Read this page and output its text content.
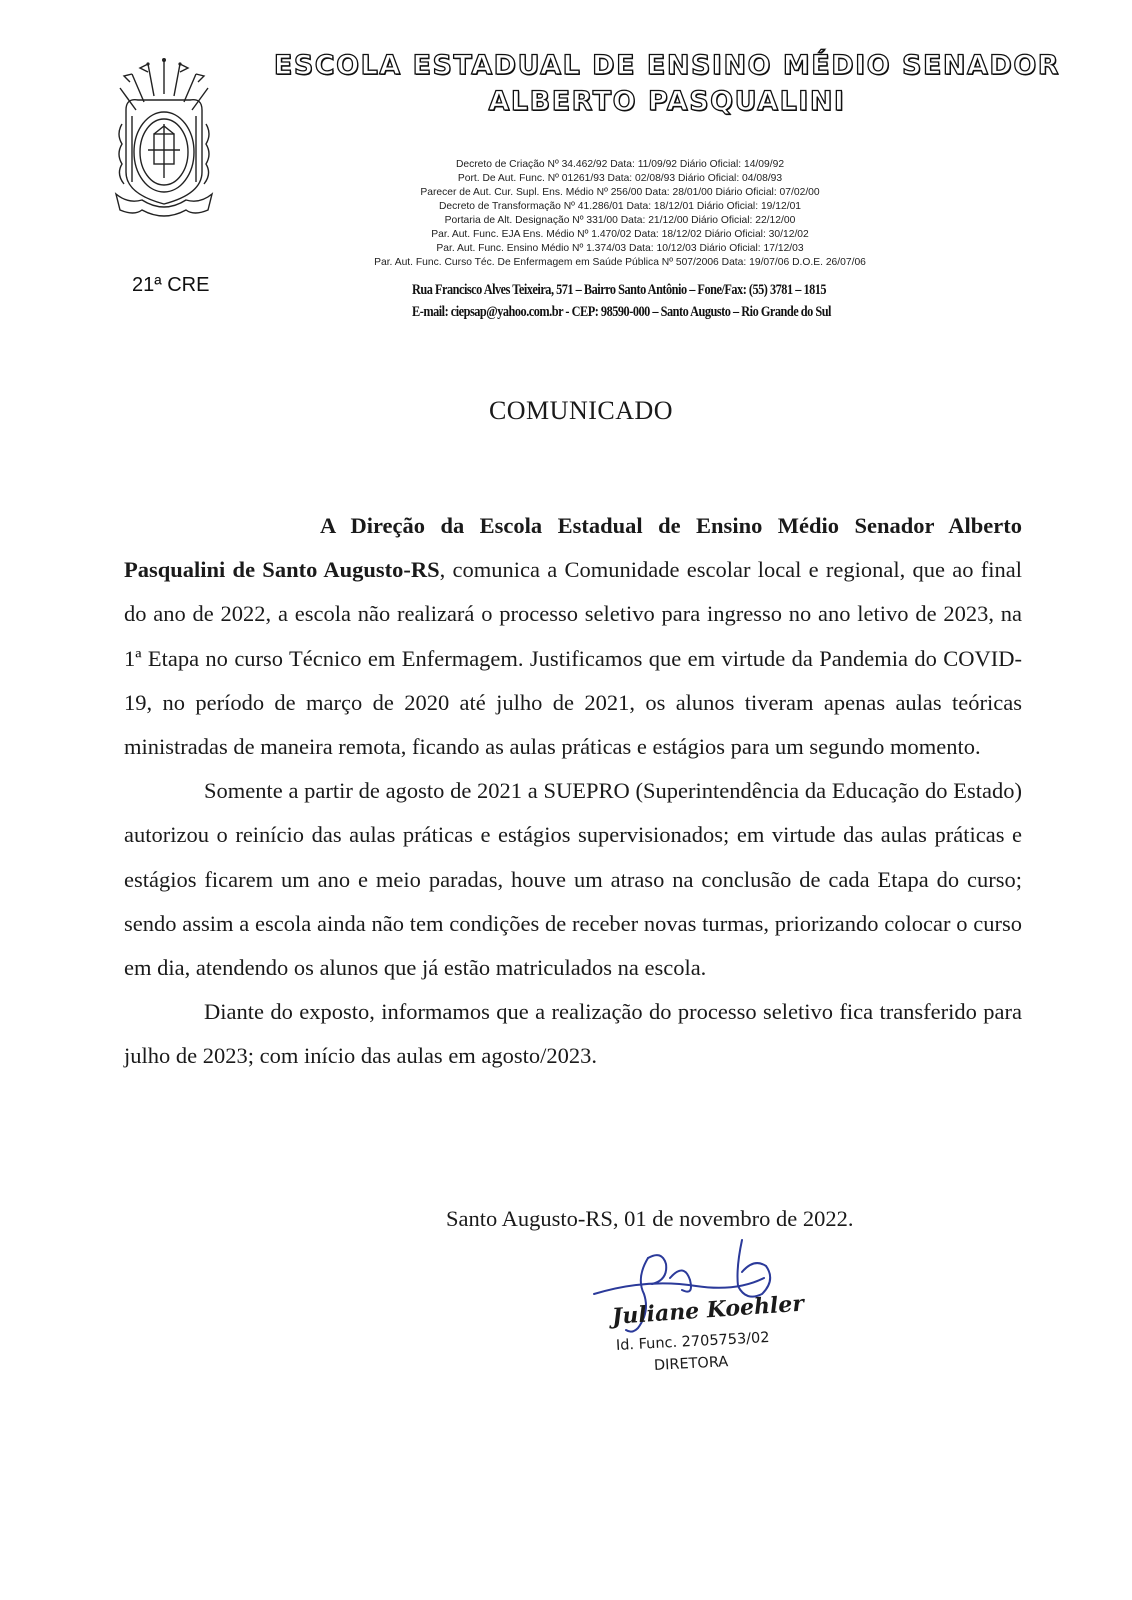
ESCOLA ESTADUAL DE ENSINO MÉDIO SENADOR ALBERTO PASQUALINI
Decreto de Criação Nº 34.462/92 Data: 11/09/92 Diário Oficial: 14/09/92
Port. De Aut. Func. Nº 01261/93 Data: 02/08/93 Diário Oficial: 04/08/93
Parecer de Aut. Cur. Supl. Ens. Médio Nº 256/00 Data: 28/01/00 Diário Oficial: 07/02/00
Decreto de Transformação Nº 41.286/01 Data: 18/12/01 Diário Oficial: 19/12/01
Portaria de Alt. Designação Nº 331/00 Data: 21/12/00 Diário Oficial: 22/12/00
Par. Aut. Func. EJA Ens. Médio Nº 1.470/02 Data: 18/12/02 Diário Oficial: 30/12/02
Par. Aut. Func. Ensino Médio Nº 1.374/03 Data: 10/12/03 Diário Oficial: 17/12/03
Par. Aut. Func. Curso Téc. De Enfermagem em Saúde Pública Nº 507/2006 Data: 19/07/06 D.O.E. 26/07/06
21ª CRE	Rua Francisco Alves Teixeira, 571 – Bairro Santo Antônio – Fone/Fax: (55) 3781 – 1815
E-mail: ciepsap@yahoo.com.br - CEP: 98590-000 – Santo Augusto – Rio Grande do Sul
COMUNICADO

A Direção da Escola Estadual de Ensino Médio Senador Alberto Pasqualini de Santo Augusto-RS, comunica a Comunidade escolar local e regional, que ao final do ano de 2022, a escola não realizará o processo seletivo para ingresso no ano letivo de 2023, na 1ª Etapa no curso Técnico em Enfermagem. Justificamos que em virtude da Pandemia do COVID-19, no período de março de 2020 até julho de 2021, os alunos tiveram apenas aulas teóricas ministradas de maneira remota, ficando as aulas práticas e estágios para um segundo momento.

Somente a partir de agosto de 2021 a SUEPRO (Superintendência da Educação do Estado) autorizou o reinício das aulas práticas e estágios supervisionados; em virtude das aulas práticas e estágios ficarem um ano e meio paradas, houve um atraso na conclusão de cada Etapa do curso; sendo assim a escola ainda não tem condições de receber novas turmas, priorizando colocar o curso em dia, atendendo os alunos que já estão matriculados na escola.

Diante do exposto, informamos que a realização do processo seletivo fica transferido para julho de 2023; com início das aulas em agosto/2023.

Santo Augusto-RS, 01 de novembro de 2022.
Juliane Koehler
Id. Func. 2705753/02
DIRETORA
